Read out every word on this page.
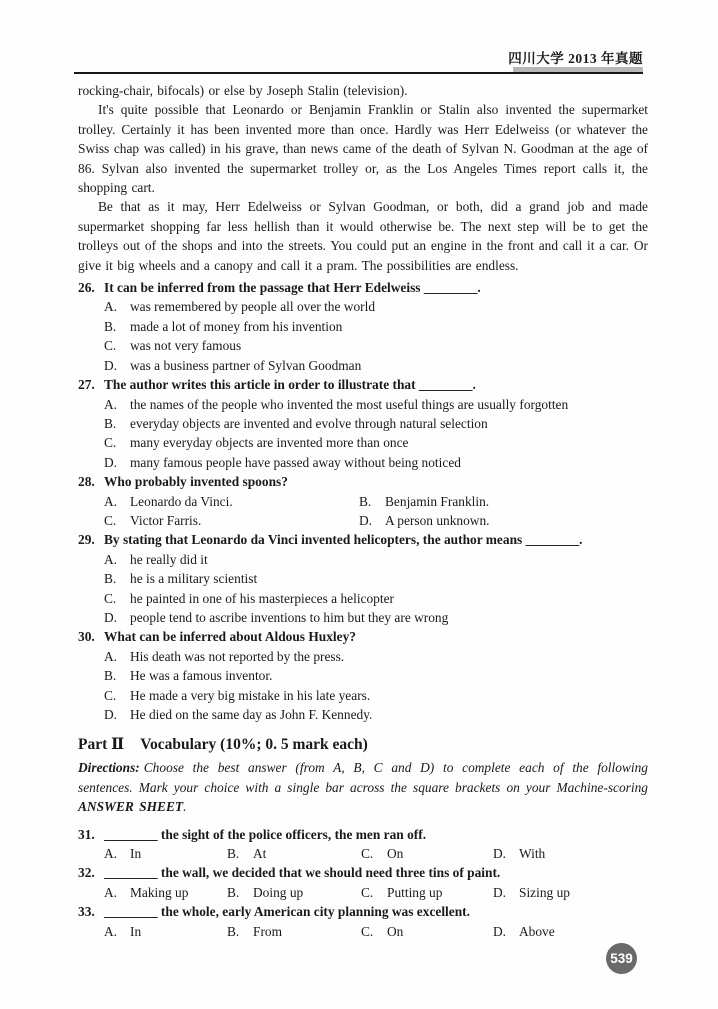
四川大学 2013 年真题

rocking-chair, bifocals) or else by Joseph Stalin (television).

It's quite possible that Leonardo or Benjamin Franklin or Stalin also invented the supermarket trolley. Certainly it has been invented more than once. Hardly was Herr Edelweiss (or whatever the Swiss chap was called) in his grave, than news came of the death of Sylvan N. Goodman at the age of 86. Sylvan also invented the supermarket trolley or, as the Los Angeles Times report calls it, the shopping cart.

Be that as it may, Herr Edelweiss or Sylvan Goodman, or both, did a grand job and made supermarket shopping far less hellish than it would otherwise be. The next step will be to get the trolleys out of the shops and into the streets. You could put an engine in the front and call it a car. Or give it big wheels and a canopy and call it a pram. The possibilities are endless.

26. It can be inferred from the passage that Herr Edelweiss ________.
A. was remembered by people all over the world
B. made a lot of money from his invention
C. was not very famous
D. was a business partner of Sylvan Goodman
27. The author writes this article in order to illustrate that ________.
A. the names of the people who invented the most useful things are usually forgotten
B. everyday objects are invented and evolve through natural selection
C. many everyday objects are invented more than once
D. many famous people have passed away without being noticed
28. Who probably invented spoons?
A. Leonardo da Vinci.	B. Benjamin Franklin.
C. Victor Farris.	D. A person unknown.
29. By stating that Leonardo da Vinci invented helicopters, the author means ________.
A. he really did it
B. he is a military scientist
C. he painted in one of his masterpieces a helicopter
D. people tend to ascribe inventions to him but they are wrong
30. What can be inferred about Aldous Huxley?
A. His death was not reported by the press.
B. He was a famous inventor.
C. He made a very big mistake in his late years.
D. He died on the same day as John F. Kennedy.
Part Ⅱ Vocabulary (10%; 0. 5 mark each)

Directions: Choose the best answer (from A, B, C and D) to complete each of the following sentences. Mark your choice with a single bar across the square brackets on your Machine-scoring ANSWER SHEET.

31. ________ the sight of the police officers, the men ran off.
A. In	B. At	C. On	D. With
32. ________ the wall, we decided that we should need three tins of paint.
A. Making up	B. Doing up	C. Putting up	D. Sizing up
33. ________ the whole, early American city planning was excellent.
A. In	B. From	C. On	D. Above
539
